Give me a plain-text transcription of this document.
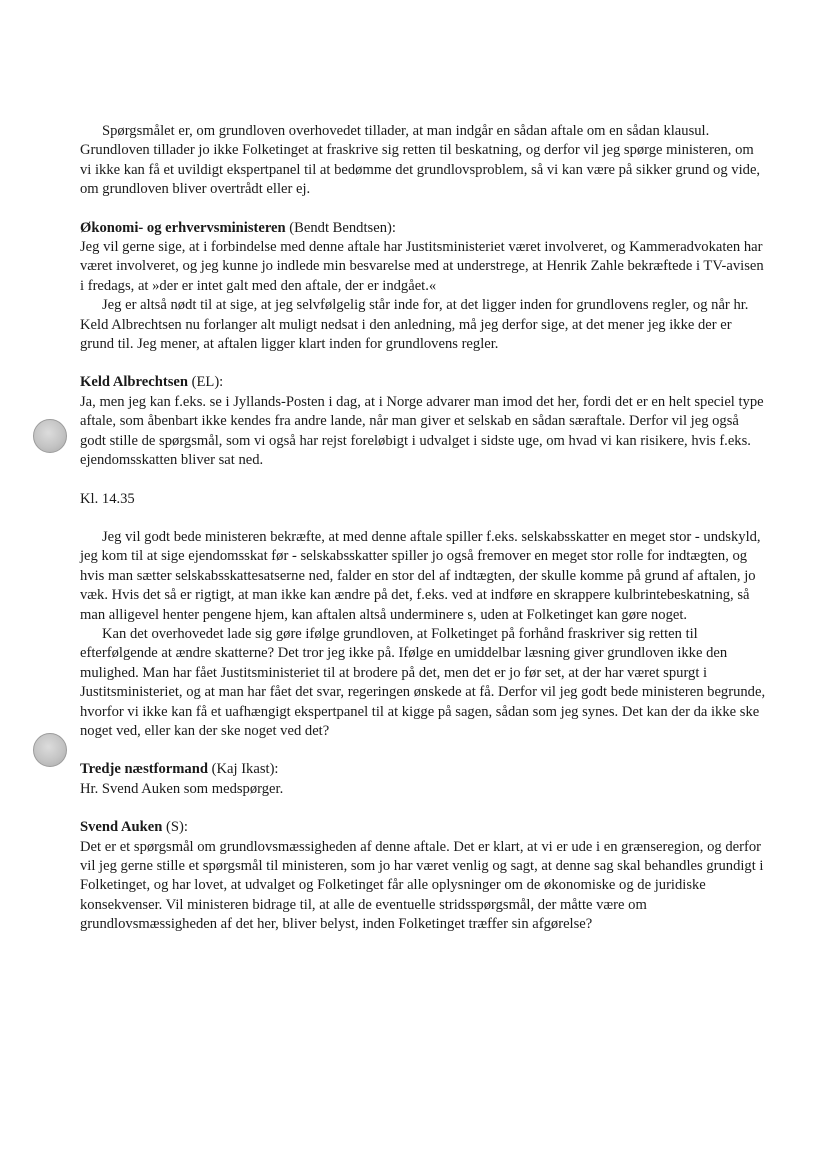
Spørgsmålet er, om grundloven overhovedet tillader, at man indgår en sådan aftale om en sådan klausul. Grundloven tillader jo ikke Folketinget at fraskrive sig retten til beskatning, og derfor vil jeg spørge ministeren, om vi ikke kan få et uvildigt ekspertpanel til at bedømme det grundlovsproblem, så vi kan være på sikker grund og vide, om grundloven bliver overtrådt eller ej.

Økonomi- og erhvervsministeren (Bendt Bendtsen):

Jeg vil gerne sige, at i forbindelse med denne aftale har Justitsministeriet været involveret, og Kammeradvokaten har været involveret, og jeg kunne jo indlede min besvarelse med at understrege, at Henrik Zahle bekræftede i TV-avisen i fredags, at »der er intet galt med den aftale, der er indgået.«

Jeg er altså nødt til at sige, at jeg selvfølgelig står inde for, at det ligger inden for grundlovens regler, og når hr. Keld Albrechtsen nu forlanger alt muligt nedsat i den anledning, må jeg derfor sige, at det mener jeg ikke der er grund til. Jeg mener, at aftalen ligger klart inden for grundlovens regler.

Keld Albrechtsen (EL):

Ja, men jeg kan f.eks. se i Jyllands-Posten i dag, at i Norge advarer man imod det her, fordi det er en helt speciel type aftale, som åbenbart ikke kendes fra andre lande, når man giver et selskab en sådan særaftale. Derfor vil jeg også godt stille de spørgsmål, som vi også har rejst foreløbigt i udvalget i sidste uge, om hvad vi kan risikere, hvis f.eks. ejendomsskatten bliver sat ned.

Kl. 14.35

Jeg vil godt bede ministeren bekræfte, at med denne aftale spiller f.eks. selskabsskatter en meget stor - undskyld, jeg kom til at sige ejendomsskat før - selskabsskatter spiller jo også fremover en meget stor rolle for indtægten, og hvis man sætter selskabsskattesatserne ned, falder en stor del af indtægten, der skulle komme på grund af aftalen, jo væk. Hvis det så er rigtigt, at man ikke kan ændre på det, f.eks. ved at indføre en skrappere kulbrintebeskatning, så man alligevel henter pengene hjem, kan aftalen altså underminere s, uden at Folketinget kan gøre noget.

Kan det overhovedet lade sig gøre ifølge grundloven, at Folketinget på forhånd fraskriver sig retten til efterfølgende at ændre skatterne? Det tror jeg ikke på. Ifølge en umiddelbar læsning giver grundloven ikke den mulighed. Man har fået Justitsministeriet til at brodere på det, men det er jo før set, at der har været spurgt i Justitsministeriet, og at man har fået det svar, regeringen ønskede at få. Derfor vil jeg godt bede ministeren begrunde, hvorfor vi ikke kan få et uafhængigt ekspertpanel til at kigge på sagen, sådan som jeg synes. Det kan der da ikke ske noget ved, eller kan der ske noget ved det?

Tredje næstformand (Kaj Ikast):

Hr. Svend Auken som medspørger.

Svend Auken (S):

Det er et spørgsmål om grundlovsmæssigheden af denne aftale. Det er klart, at vi er ude i en grænseregion, og derfor vil jeg gerne stille et spørgsmål til ministeren, som jo har været venlig og sagt, at denne sag skal behandles grundigt i Folketinget, og har lovet, at udvalget og Folketinget får alle oplysninger om de økonomiske og de juridiske konsekvenser. Vil ministeren bidrage til, at alle de eventuelle stridsspørgsmål, der måtte være om grundlovsmæssigheden af det her, bliver belyst, inden Folketinget træffer sin afgørelse?
